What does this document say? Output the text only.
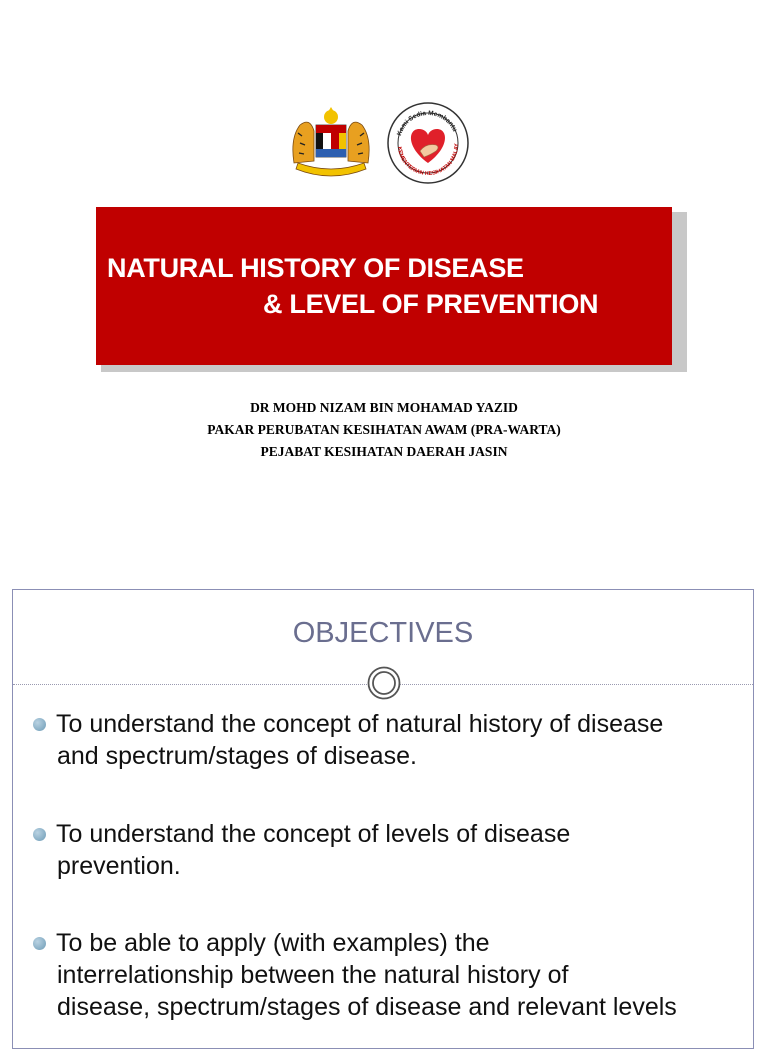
Kami Sedia Membantu
KEMENTERIAN KESIHATAN MALAY
NATURAL HISTORY OF DISEASE
& LEVEL OF PREVENTION
DR MOHD NIZAM BIN MOHAMAD YAZID
PAKAR PERUBATAN KESIHATAN AWAM (PRA-WARTA)
PEJABAT KESIHATAN DAERAH JASIN
OBJECTIVES
To understand the concept of natural history of disease
and spectrum/stages of disease.
To understand the concept of levels of disease
prevention.
To be able to apply (with examples) the
interrelationship between the natural history of
disease, spectrum/stages of disease and relevant levels
